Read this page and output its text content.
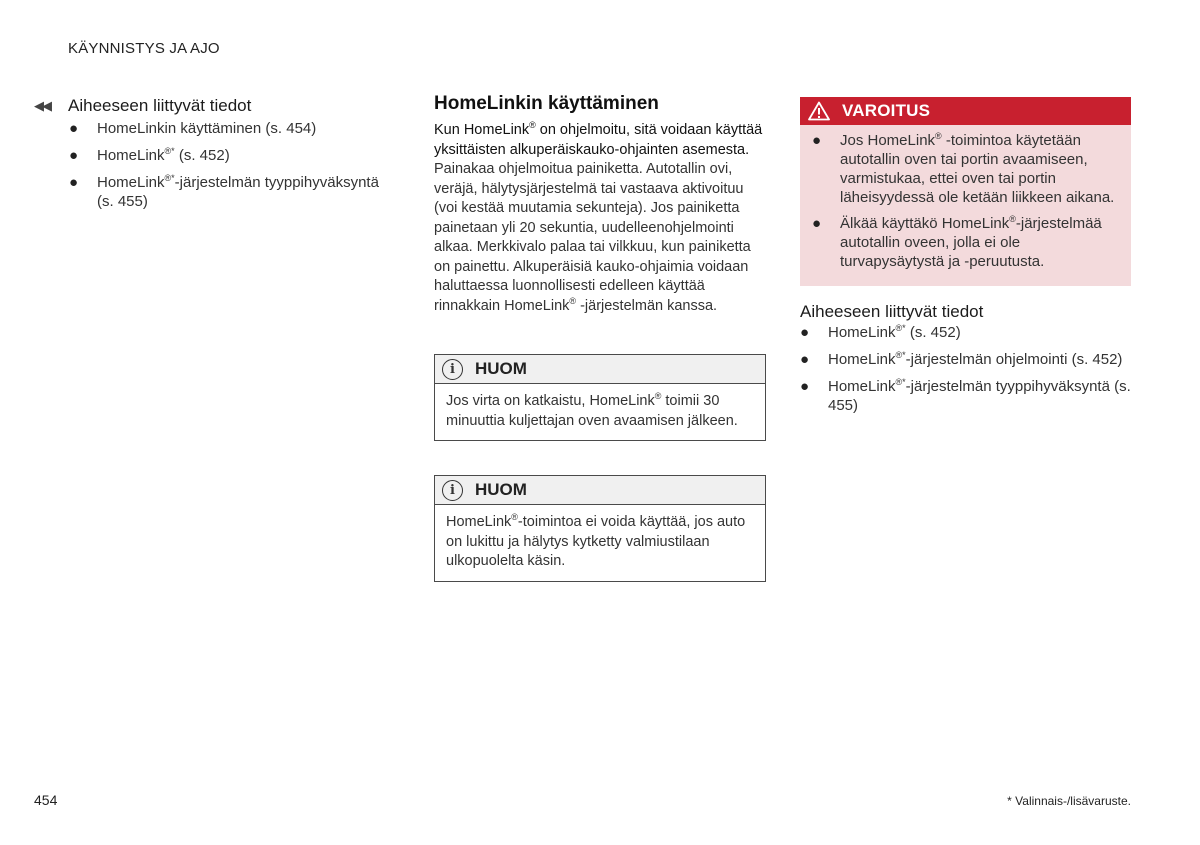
KÄYNNISTYS JA AJO
◀◀	Aiheeseen liittyvät tiedot
● HomeLinkin käyttäminen (s. 454)
● HomeLink®* (s. 452)
● HomeLink®*-järjestelmän tyyppihyväksyntä (s. 455)
HomeLinkin käyttäminen

Kun HomeLink® on ohjelmoitu, sitä voidaan käyttää yksittäisten alkuperäiskauko-ohjainten asemesta.

Painakaa ohjelmoitua painiketta. Autotallin ovi, veräjä, hälytysjärjestelmä tai vastaava aktivoituu (voi kestää muutamia sekunteja). Jos painiketta painetaan yli 20 sekuntia, uudelleenohjelmointi alkaa. Merkkivalo palaa tai vilkkuu, kun painiketta on painettu. Alkuperäisiä kauko-ohjaimia voidaan haluttaessa luonnollisesti edelleen käyttää rinnakkain HomeLink® -järjestelmän kanssa.

i	HUOM
Jos virta on katkaistu, HomeLink® toimii 30 minuuttia kuljettajan oven avaamisen jälkeen.
i	HUOM
HomeLink®-toimintoa ei voida käyttää, jos auto on lukittu ja hälytys kytketty valmiustilaan ulkopuolelta käsin.
VAROITUS
● Jos HomeLink® -toimintoa käytetään autotallin oven tai portin avaamiseen, varmistukaa, ettei oven tai portin läheisyydessä ole ketään liikkeen aikana.
● Älkää käyttäkö HomeLink®-järjestelmää autotallin oveen, jolla ei ole turvapysäytystä ja -peruutusta.
Aiheeseen liittyvät tiedot
● HomeLink®* (s. 452)
● HomeLink®*-järjestelmän ohjelmointi (s. 452)
● HomeLink®*-järjestelmän tyyppihyväksyntä (s. 455)
454	* Valinnais-/lisävaruste.
